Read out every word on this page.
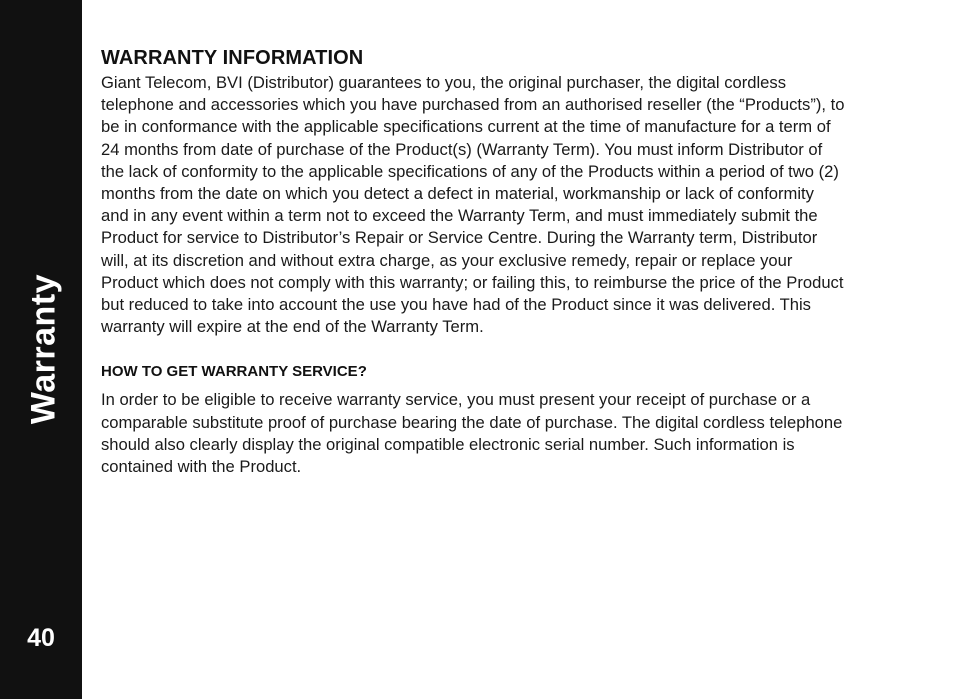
Warranty
40
WARRANTY INFORMATION

Giant Telecom, BVI (Distributor) guarantees to you, the original purchaser, the digital cordless telephone and accessories which you have purchased from an authorised reseller (the “Products”), to be in conformance with the applicable specifications current at the time of manufacture for a term of 24 months from date of purchase of the Product(s) (Warranty Term). You must inform Distributor of the lack of conformity to the applicable specifications of any of the Products within a period of two (2) months from the date on which you detect a defect in material, workmanship or lack of conformity and in any event within a term not to exceed the Warranty Term, and must immediately submit the Product for service to Distributor’s Repair or Service Centre. During the Warranty term, Distributor will, at its discretion and without extra charge, as your exclusive remedy, repair or replace your Product which does not comply with this warranty; or failing this, to reimburse the price of the Product but reduced to take into account the use you have had of the Product since it was delivered. This warranty will expire at the end of the Warranty Term.

HOW TO GET WARRANTY SERVICE?

In order to be eligible to receive warranty service, you must present your receipt of purchase or a comparable substitute proof of purchase bearing the date of purchase. The digital cordless telephone should also clearly display the original compatible electronic serial number. Such information is contained with the Product.
